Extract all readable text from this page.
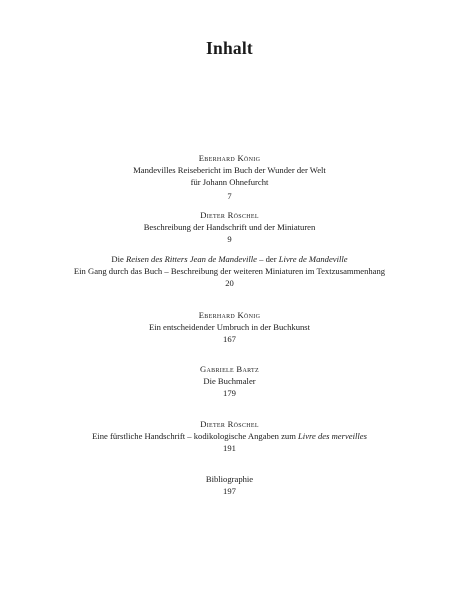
Inhalt
Eberhard König
Mandevilles Reisebericht im Buch der Wunder der Welt
für Johann Ohnefurcht
7
Dieter Röschel
Beschreibung der Handschrift und der Miniaturen
9
Die Reisen des Ritters Jean de Mandeville – der Livre de Mandeville
Ein Gang durch das Buch – Beschreibung der weiteren Miniaturen im Textzusammenhang
20
Eberhard König
Ein entscheidender Umbruch in der Buchkunst
167
Gabriele Bartz
Die Buchmaler
179
Dieter Röschel
Eine fürstliche Handschrift – kodikologische Angaben zum Livre des merveilles
191
Bibliographie
197
